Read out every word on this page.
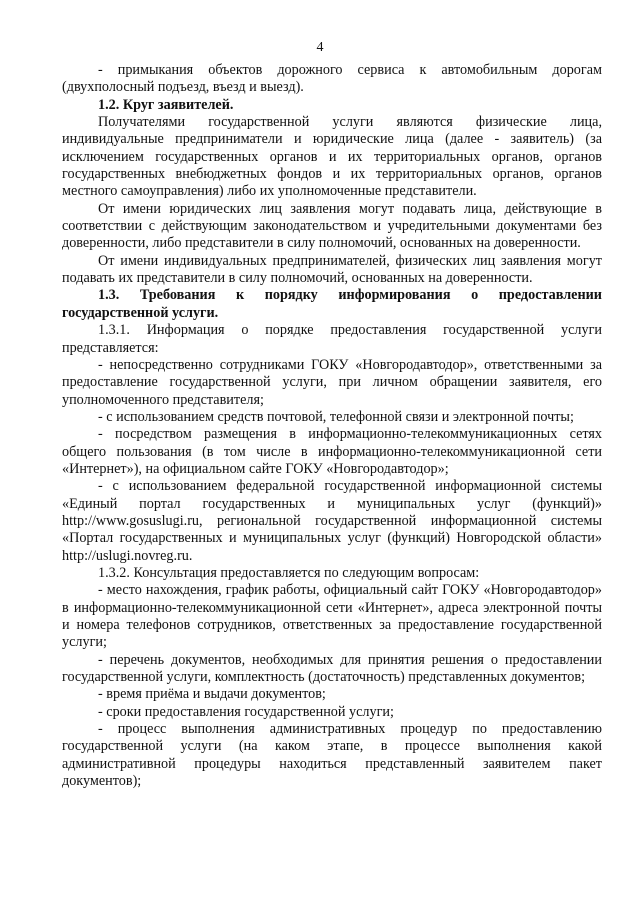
4

- примыкания объектов дорожного сервиса к автомобильным дорогам (двухполосный подъезд, въезд и выезд).

1.2. Круг заявителей.

Получателями государственной услуги являются физические лица, индивидуальные предприниматели и юридические лица (далее - заявитель) (за исключением государственных органов и их территориальных органов, органов государственных внебюджетных фондов и их территориальных органов, органов местного самоуправления) либо их уполномоченные представители.

От имени юридических лиц заявления могут подавать лица, действующие в соответствии с действующим законодательством и учредительными документами без доверенности, либо представители в силу полномочий, основанных на доверенности.

От имени индивидуальных предпринимателей, физических лиц заявления могут подавать их представители в силу полномочий, основанных на доверенности.

1.3. Требования к порядку информирования о предоставлении государственной услуги.

1.3.1. Информация о порядке предоставления государственной услуги представляется:

- непосредственно сотрудниками ГОКУ «Новгородавтодор», ответственными за предоставление государственной услуги, при личном обращении заявителя, его уполномоченного представителя;

- с использованием средств почтовой, телефонной связи и электронной почты;

- посредством размещения в информационно-телекоммуникационных сетях общего пользования (в том числе в информационно-телекоммуникационной сети «Интернет»), на официальном сайте ГОКУ «Новгородавтодор»;

- с использованием федеральной государственной информационной системы «Единый портал государственных и муниципальных услуг (функций)» http://www.gosuslugi.ru, региональной государственной информационной системы «Портал государственных и муниципальных услуг (функций) Новгородской области» http://uslugi.novreg.ru.

1.3.2. Консультация предоставляется по следующим вопросам:

- место нахождения, график работы, официальный сайт ГОКУ «Новгородавтодор» в информационно-телекоммуникационной сети «Интернет», адреса электронной почты и номера телефонов сотрудников, ответственных за предоставление государственной услуги;

- перечень документов, необходимых для принятия решения о предоставлении государственной услуги, комплектность (достаточность) представленных документов;

- время приёма и выдачи документов;

- сроки предоставления государственной услуги;

- процесс выполнения административных процедур по предоставлению государственной услуги (на каком этапе, в процессе выполнения какой административной процедуры находиться представленный заявителем пакет документов);
